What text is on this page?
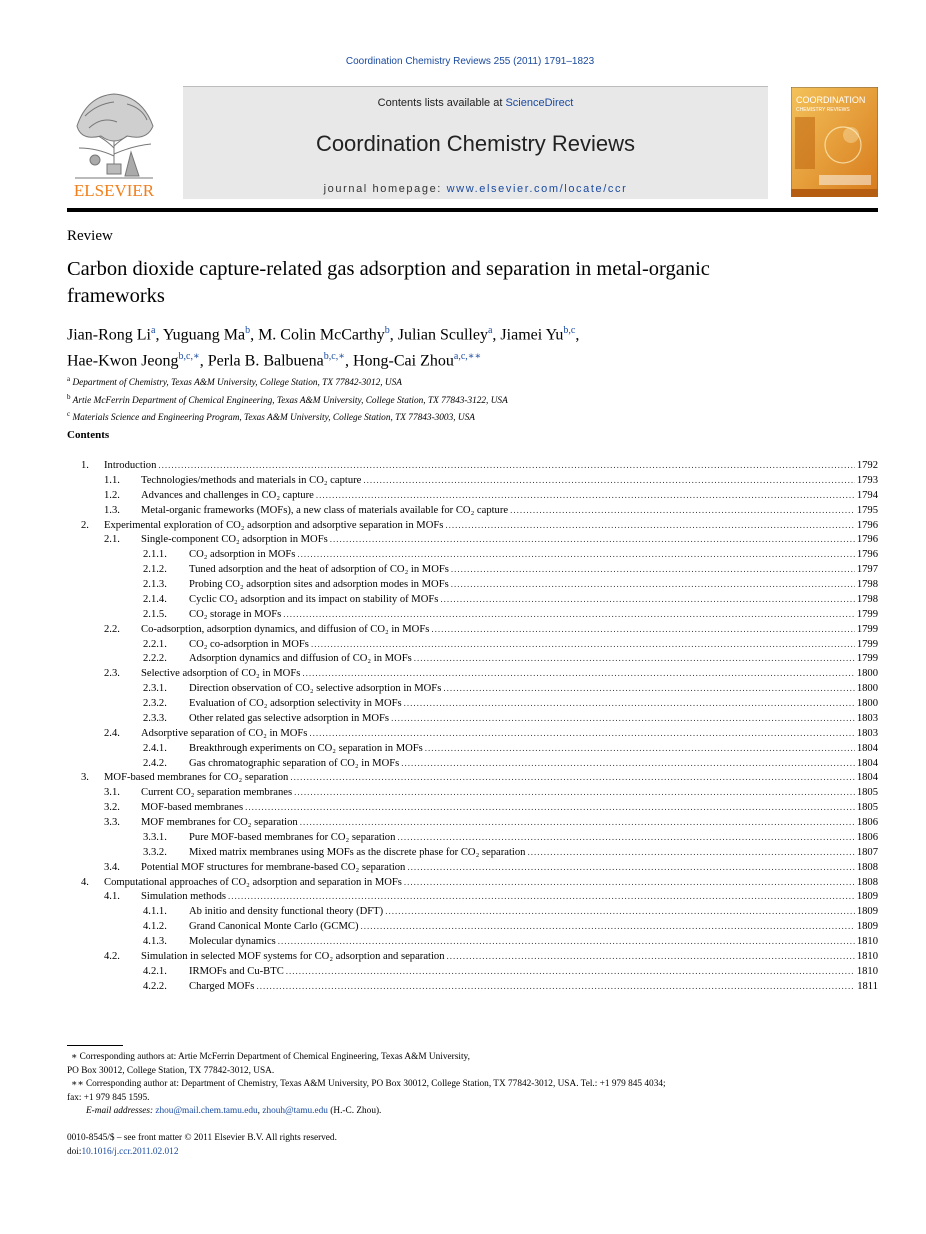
Coordination Chemistry Reviews 255 (2011) 1791–1823
ELSEVIER
Contents lists available at ScienceDirect
Coordination Chemistry Reviews
journal homepage: www.elsevier.com/locate/ccr
COORDINATION
CHEMISTRY REVIEWS
Review
Carbon dioxide capture-related gas adsorption and separation in metal-organic frameworks
Jian-Rong Li$^a$, Yuguang Ma$^b$, M. Colin McCarthy$^b$, Julian Sculley$^a$, Jiamei Yu$^{b,c}$,
Hae-Kwon Jeong$^{b,c,∗}$, Perla B. Balbuena$^{b,c,∗}$, Hong-Cai Zhou$^{a,c,∗∗}$
$^a$ Department of Chemistry, Texas A&M University, College Station, TX 77842-3012, USA
$^b$ Artie McFerrin Department of Chemical Engineering, Texas A&M University, College Station, TX 77843-3122, USA
$^c$ Materials Science and Engineering Program, Texas A&M University, College Station, TX 77843-3003, USA
Contents
1.	Introduction .....	1792
1.1.	Technologies/methods and materials in CO₂ capture .....	1793
1.2.	Advances and challenges in CO₂ capture .....	1794
1.3.	Metal-organic frameworks (MOFs), a new class of materials available for CO₂ capture .....	1795
2.	Experimental exploration of CO₂ adsorption and adsorptive separation in MOFs .....	1796
2.1.	Single-component CO₂ adsorption in MOFs .....	1796
2.1.1.	CO₂ adsorption in MOFs .....	1796
2.1.2.	Tuned adsorption and the heat of adsorption of CO₂ in MOFs .....	1797
2.1.3.	Probing CO₂ adsorption sites and adsorption modes in MOFs .....	1798
2.1.4.	Cyclic CO₂ adsorption and its impact on stability of MOFs .....	1798
2.1.5.	CO₂ storage in MOFs .....	1799
2.2.	Co-adsorption, adsorption dynamics, and diffusion of CO₂ in MOFs .....	1799
2.2.1.	CO₂ co-adsorption in MOFs .....	1799
2.2.2.	Adsorption dynamics and diffusion of CO₂ in MOFs .....	1799
2.3.	Selective adsorption of CO₂ in MOFs .....	1800
2.3.1.	Direction observation of CO₂ selective adsorption in MOFs .....	1800
2.3.2.	Evaluation of CO₂ adsorption selectivity in MOFs .....	1800
2.3.3.	Other related gas selective adsorption in MOFs .....	1803
2.4.	Adsorptive separation of CO₂ in MOFs .....	1803
2.4.1.	Breakthrough experiments on CO₂ separation in MOFs .....	1804
2.4.2.	Gas chromatographic separation of CO₂ in MOFs .....	1804
3.	MOF-based membranes for CO₂ separation .....	1804
3.1.	Current CO₂ separation membranes .....	1805
3.2.	MOF-based membranes .....	1805
3.3.	MOF membranes for CO₂ separation .....	1806
3.3.1.	Pure MOF-based membranes for CO₂ separation .....	1806
3.3.2.	Mixed matrix membranes using MOFs as the discrete phase for CO₂ separation .....	1807
3.4.	Potential MOF structures for membrane-based CO₂ separation .....	1808
4.	Computational approaches of CO₂ adsorption and separation in MOFs .....	1808
4.1.	Simulation methods .....	1809
4.1.1.	Ab initio and density functional theory (DFT) .....	1809
4.1.2.	Grand Canonical Monte Carlo (GCMC) .....	1809
4.1.3.	Molecular dynamics .....	1810
4.2.	Simulation in selected MOF systems for CO₂ adsorption and separation .....	1810
4.2.1.	IRMOFs and Cu-BTC .....	1810
4.2.2.	Charged MOFs .....	1811
∗ Corresponding authors at: Artie McFerrin Department of Chemical Engineering, Texas A&M University,
PO Box 30012, College Station, TX 77842-3012, USA.
∗∗ Corresponding author at: Department of Chemistry, Texas A&M University, PO Box 30012, College Station, TX 77842-3012, USA. Tel.: +1 979 845 4034;
fax: +1 979 845 1595.
E-mail addresses: zhou@mail.chem.tamu.edu, zhouh@tamu.edu (H.-C. Zhou).
0010-8545/$ – see front matter © 2011 Elsevier B.V. All rights reserved.
doi:10.1016/j.ccr.2011.02.012
